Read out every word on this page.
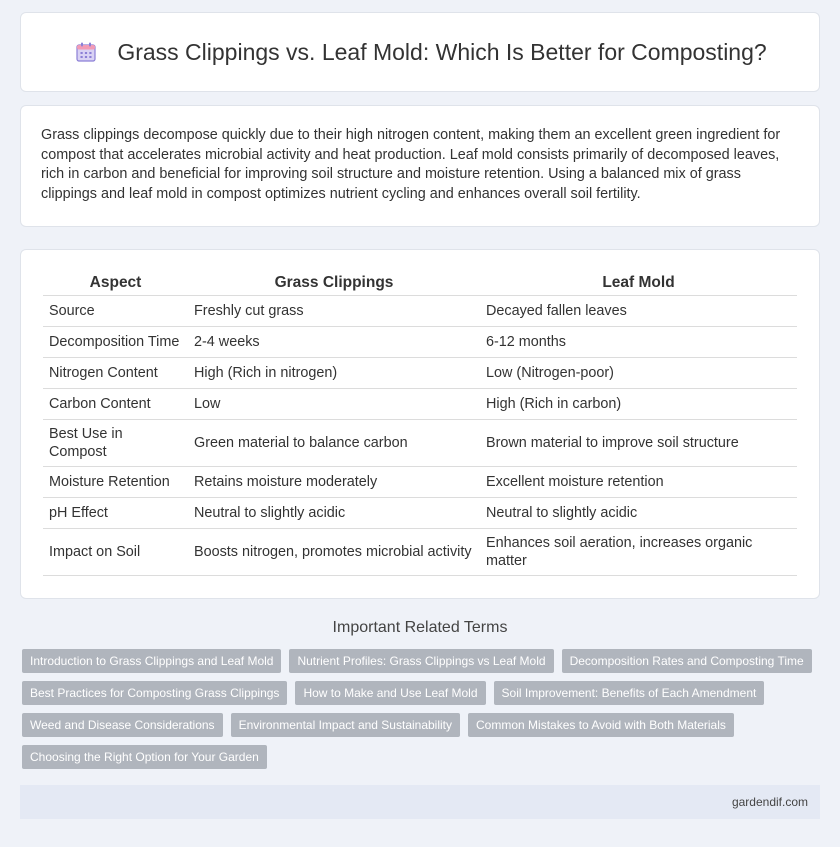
Grass Clippings vs. Leaf Mold: Which Is Better for Composting?

Grass clippings decompose quickly due to their high nitrogen content, making them an excellent green ingredient for compost that accelerates microbial activity and heat production. Leaf mold consists primarily of decomposed leaves, rich in carbon and beneficial for improving soil structure and moisture retention. Using a balanced mix of grass clippings and leaf mold in compost optimizes nutrient cycling and enhances overall soil fertility.

Aspect	Grass Clippings	Leaf Mold
Source	Freshly cut grass	Decayed fallen leaves
Decomposition Time	2-4 weeks	6-12 months
Nitrogen Content	High (Rich in nitrogen)	Low (Nitrogen-poor)
Carbon Content	Low	High (Rich in carbon)
Best Use in Compost	Green material to balance carbon	Brown material to improve soil structure
Moisture Retention	Retains moisture moderately	Excellent moisture retention
pH Effect	Neutral to slightly acidic	Neutral to slightly acidic
Impact on Soil	Boosts nitrogen, promotes microbial activity	Enhances soil aeration, increases organic matter
Important Related Terms
Introduction to Grass Clippings and Leaf Mold	Nutrient Profiles: Grass Clippings vs Leaf Mold	Decomposition Rates and Composting Time
Best Practices for Composting Grass Clippings	How to Make and Use Leaf Mold	Soil Improvement: Benefits of Each Amendment
Weed and Disease Considerations	Environmental Impact and Sustainability	Common Mistakes to Avoid with Both Materials
Choosing the Right Option for Your Garden
gardendif.com
